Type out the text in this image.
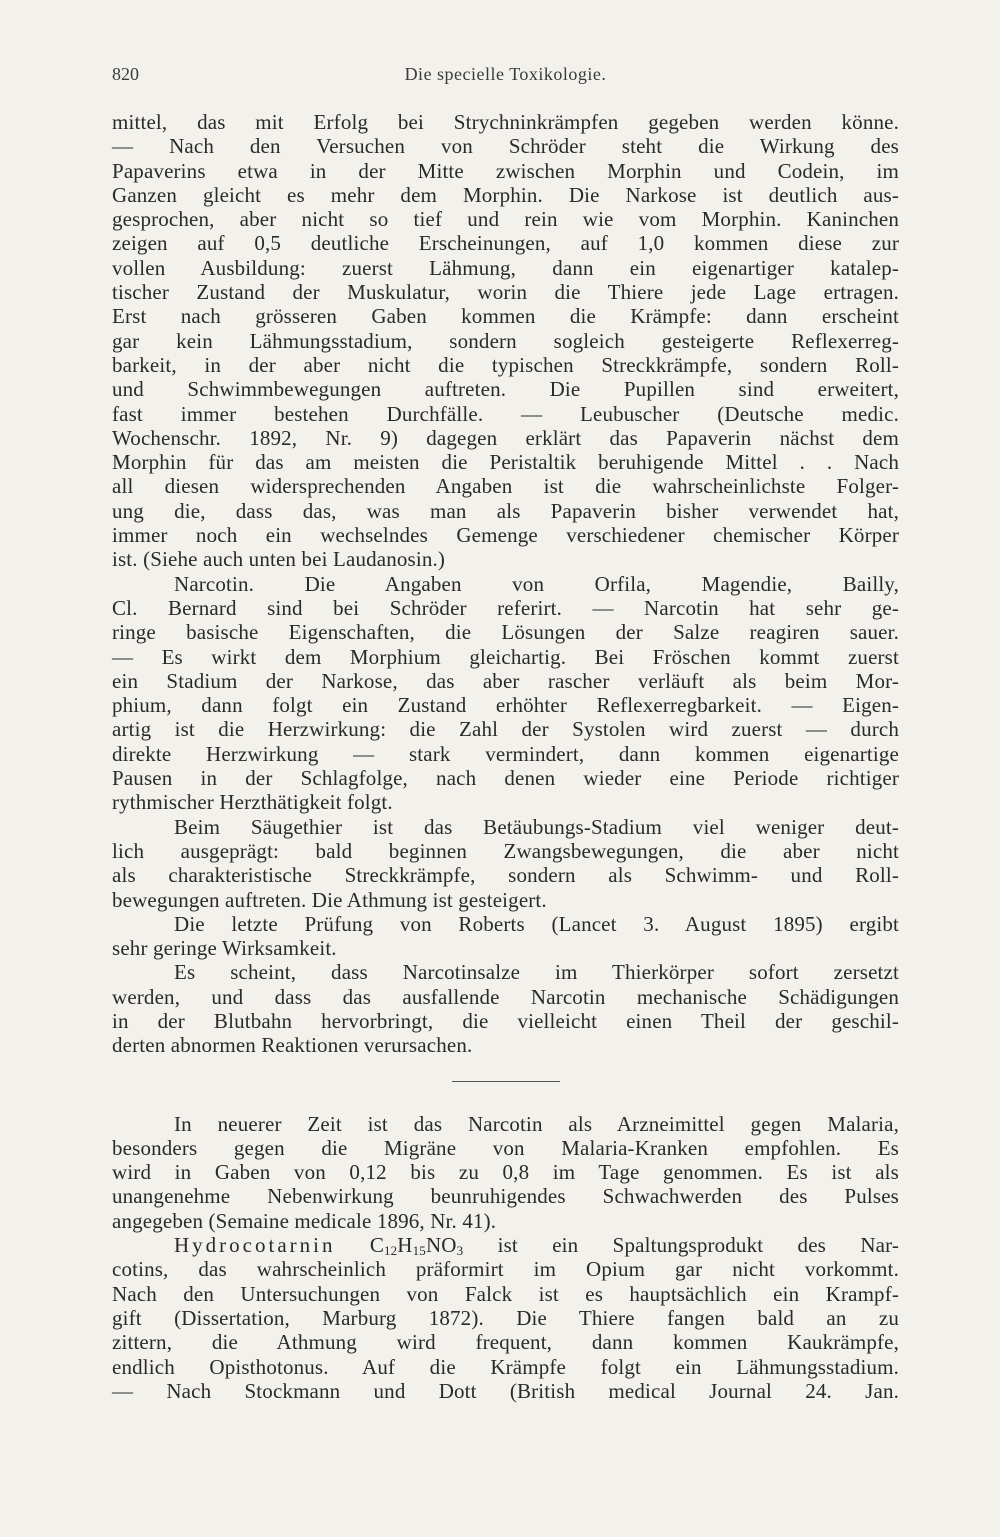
820	Die specielle Toxikologie.

mittel, das mit Erfolg bei Strychninkrämpfen gegeben werden könne.
— Nach den Versuchen von Schröder steht die Wirkung des
Papaverins etwa in der Mitte zwischen Morphin und Codein, im
Ganzen gleicht es mehr dem Morphin. Die Narkose ist deutlich aus-
gesprochen, aber nicht so tief und rein wie vom Morphin. Kaninchen
zeigen auf 0,5 deutliche Erscheinungen, auf 1,0 kommen diese zur
vollen Ausbildung: zuerst Lähmung, dann ein eigenartiger katalep-
tischer Zustand der Muskulatur, worin die Thiere jede Lage ertragen.
Erst nach grösseren Gaben kommen die Krämpfe: dann erscheint
gar kein Lähmungsstadium, sondern sogleich gesteigerte Reflexerreg-
barkeit, in der aber nicht die typischen Streckkrämpfe, sondern Roll-
und Schwimmbewegungen auftreten. Die Pupillen sind erweitert,
fast immer bestehen Durchfälle. — Leubuscher (Deutsche medic.
Wochenschr. 1892, Nr. 9) dagegen erklärt das Papaverin nächst dem
Morphin für das am meisten die Peristaltik beruhigende Mittel . . Nach
all diesen widersprechenden Angaben ist die wahrscheinlichste Folger-
ung die, dass das, was man als Papaverin bisher verwendet hat,
immer noch ein wechselndes Gemenge verschiedener chemischer Körper
ist. (Siehe auch unten bei Laudanosin.)

Narcotin. Die Angaben von Orfila, Magendie, Bailly,
Cl. Bernard sind bei Schröder referirt. — Narcotin hat sehr ge-
ringe basische Eigenschaften, die Lösungen der Salze reagiren sauer.
— Es wirkt dem Morphium gleichartig. Bei Fröschen kommt zuerst
ein Stadium der Narkose, das aber rascher verläuft als beim Mor-
phium, dann folgt ein Zustand erhöhter Reflexerregbarkeit. — Eigen-
artig ist die Herzwirkung: die Zahl der Systolen wird zuerst — durch
direkte Herzwirkung — stark vermindert, dann kommen eigenartige
Pausen in der Schlagfolge, nach denen wieder eine Periode richtiger
rythmischer Herzthätigkeit folgt.

Beim Säugethier ist das Betäubungs-Stadium viel weniger deut-
lich ausgeprägt: bald beginnen Zwangsbewegungen, die aber nicht
als charakteristische Streckkrämpfe, sondern als Schwimm- und Roll-
bewegungen auftreten. Die Athmung ist gesteigert.

Die letzte Prüfung von Roberts (Lancet 3. August 1895) ergibt
sehr geringe Wirksamkeit.

Es scheint, dass Narcotinsalze im Thierkörper sofort zersetzt
werden, und dass das ausfallende Narcotin mechanische Schädigungen
in der Blutbahn hervorbringt, die vielleicht einen Theil der geschil-
derten abnormen Reaktionen verursachen.

In neuerer Zeit ist das Narcotin als Arzneimittel gegen Malaria,
besonders gegen die Migräne von Malaria-Kranken empfohlen. Es
wird in Gaben von 0,12 bis zu 0,8 im Tage genommen. Es ist als
unangenehme Nebenwirkung beunruhigendes Schwachwerden des Pulses
angegeben (Semaine medicale 1896, Nr. 41).

Hydrocotarnin $C_{12}H_{15}NO_3$ ist ein Spaltungsprodukt des Nar-
cotins, das wahrscheinlich präformirt im Opium gar nicht vorkommt.
Nach den Untersuchungen von Falck ist es hauptsächlich ein Krampf-
gift (Dissertation, Marburg 1872). Die Thiere fangen bald an zu
zittern, die Athmung wird frequent, dann kommen Kaukrämpfe,
endlich Opisthotonus. Auf die Krämpfe folgt ein Lähmungsstadium.
— Nach Stockmann und Dott (British medical Journal 24. Jan.
